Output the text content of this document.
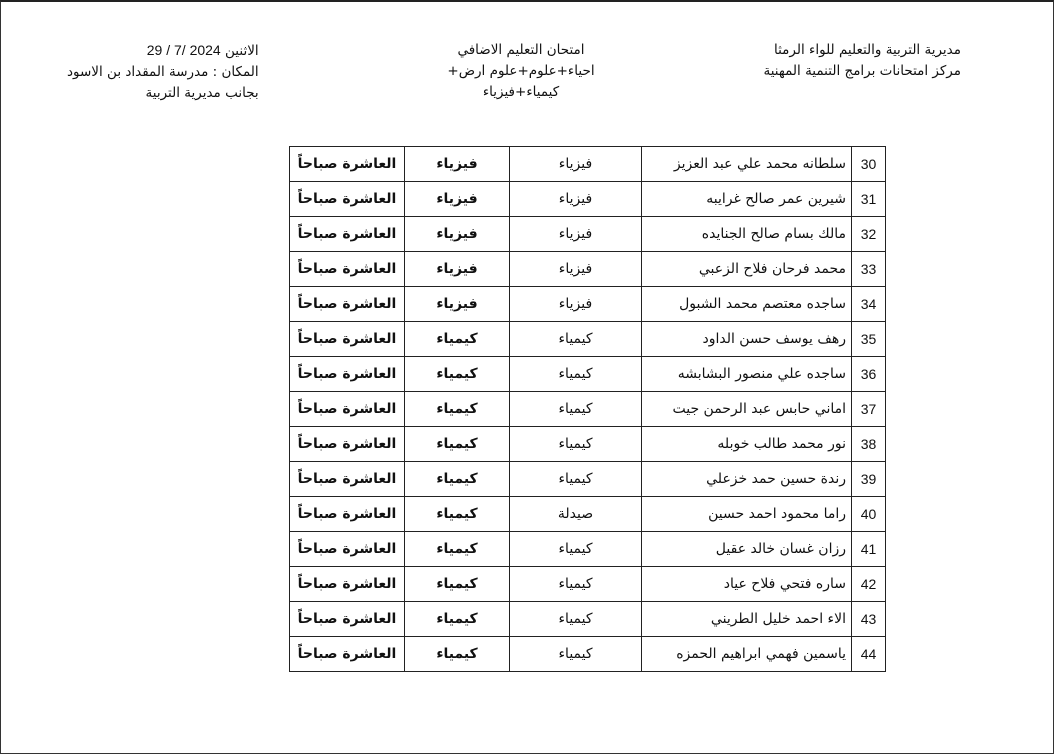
مديرية التربية والتعليم للواء الرمثا
مركز امتحانات برامج التنمية المهنية
امتحان التعليم الاضافي
احياء+علوم+علوم ارض+
كيمياء+فيزياء
الاثنين 2024 /7 / 29
المكان : مدرسة المقداد بن الاسود
بجانب مديرية التربية
30	سلطانه محمد علي عبد العزيز	فيزياء	فيزياء	العاشرة صباحاً
31	شيرين عمر صالح غرايبه	فيزياء	فيزياء	العاشرة صباحاً
32	مالك بسام صالح الجنايده	فيزياء	فيزياء	العاشرة صباحاً
33	محمد فرحان فلاح الزعبي	فيزياء	فيزياء	العاشرة صباحاً
34	ساجده معتصم محمد الشبول	فيزياء	فيزياء	العاشرة صباحاً
35	رهف يوسف حسن الداود	كيمياء	كيمياء	العاشرة صباحاً
36	ساجده علي منصور البشابشه	كيمياء	كيمياء	العاشرة صباحاً
37	اماني حابس عبد الرحمن جيت	كيمياء	كيمياء	العاشرة صباحاً
38	نور محمد طالب خوبله	كيمياء	كيمياء	العاشرة صباحاً
39	رندة حسين حمد خزعلي	كيمياء	كيمياء	العاشرة صباحاً
40	راما محمود احمد حسين	صيدلة	كيمياء	العاشرة صباحاً
41	رزان غسان خالد عقيل	كيمياء	كيمياء	العاشرة صباحاً
42	ساره فتحي فلاح عياد	كيمياء	كيمياء	العاشرة صباحاً
43	الاء احمد خليل الطريني	كيمياء	كيمياء	العاشرة صباحاً
44	ياسمين فهمي ابراهيم الحمزه	كيمياء	كيمياء	العاشرة صباحاً
